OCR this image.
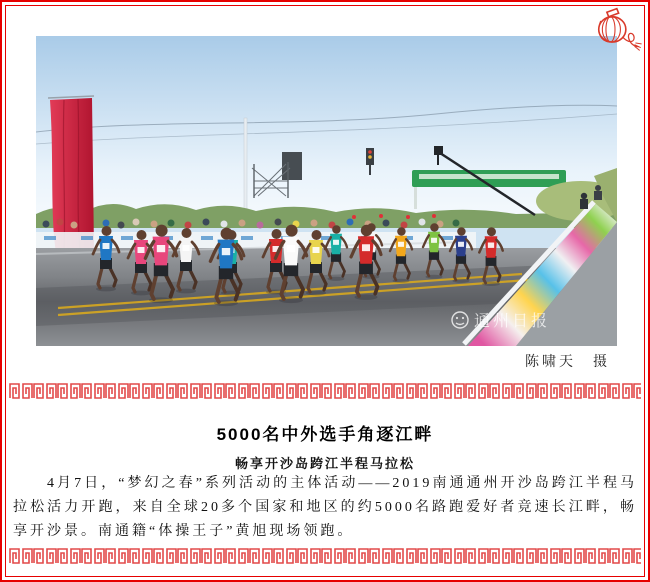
通州日报
陈啸天　摄
5000名中外选手角逐江畔
畅享开沙岛跨江半程马拉松

4月7日，“梦幻之春”系列活动的主体活动——2019南通通州开沙岛跨江半程马拉松活力开跑，来自全球20多个国家和地区的约5000名路跑爱好者竞速长江畔，畅享开沙景。南通籍“体操王子”黄旭现场领跑。
